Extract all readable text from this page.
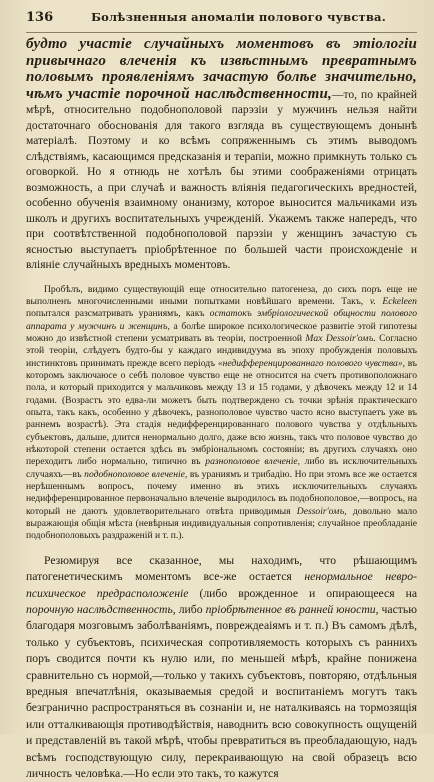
136	Болѣзненныя аномаліи полового чувства.

будто участіе случайныхъ моментовъ въ этіологіи привычнаго влеченія къ извѣстнымъ превратнымъ половымъ проявленіямъ зачастую болѣе значительно, чѣмъ участіе порочной наслѣдственности,—то, по крайней мѣрѣ, относительно подобнополовой парэзіи у мужчинъ нельзя найти достаточнаго обоснованія для такого взгляда въ существующемъ донынѣ матеріалѣ. Поэтому и ко всѣмъ сопряженнымъ съ этимъ выводомъ слѣдствіямъ, касающимся предсказанія и терапіи, можно примкнуть только съ оговоркой. Но я отнюдь не хотѣлъ бы этими соображеніями отрицать возможность, а при случаѣ и важность вліянія педагогическихъ вредностей, особенно обученія взаимному онанизму, которое выносится мальчиками изъ школъ и другихъ воспитательныхъ учрежденій. Укажемъ также напередъ, что при соотвѣтственной подобнополовой парэзіи у женщинъ зачастую съ ясностью выступаетъ пріобрѣтенное по большей части происхожденіе и вліяніе случайныхъ вредныхъ моментовъ.

Пробѣлъ, видимо существующій еще относительно патогенеза, до сихъ поръ еще не выполненъ многочисленными иными попытками новѣйшаго времени. Такъ, v. Eckeleen попытался разсматривать ураниямъ, какъ остатокъ эмбріологической общности полового аппарата у мужчинъ и женщинъ, а болѣе широкое психологическое развитіе этой гипотезы можно до извѣстной степени усматривать въ теоріи, построенной Max Dessoir'омъ. Согласно этой теоріи, слѣдуетъ будто-бы у каждаго индивидуума въ эпоху пробужденія половыхъ инстинктовъ принимать прежде всего періодъ «недифференцированнаго полового чувства», въ которомъ заключаюсе о себѣ половое чувство еще не относится на счетъ противоположнаго пола, и который приходится у мальчиковъ между 13 и 15 годами, у дѣвочекъ между 12 и 14 годами. (Возрастъ это едва-ли можетъ быть подтверждено съ точки зрѣнія практическаго опыта, такъ какъ, особенно у дѣвочекъ, разнополовое чувство часто ясно выступаетъ уже въ раннемъ возрастѣ). Эта стадія недифференцированнаго полового чувства у отдѣльныхъ субъектовъ, дальше, длится ненормально долго, даже всю жизнь, такъ что половое чувство до нѣкоторой степени остается здѣсь въ эмбріональномъ состояніи; въ другихъ случаяхъ оно переходитъ либо нормально, типично въ разнополовое влеченіе, либо въ исключительныхъ случаяхъ—въ подобнополовое влеченіе, въ ураниямъ и трибадію. Но при этомъ все же остается нерѣшеннымъ вопросъ, почему именно въ этихъ исключительныхъ случаяхъ недифференцированное первоначально влеченіе выродилось въ подобнополовое,—вопросъ, на который не даютъ удовлетворительнаго отвѣта приводимыя Dessoir'омъ, довольно мало выражающія общія мѣста (невѣрныя индивидуальныя сопротивленія; случайное преобладаніе подобнополовыхъ раздраженій и т. п.).

Резюмируя все сказанное, мы находимъ, что рѣшающимъ патогенетическимъ моментомъ все-же остается ненормальное невро-психическое предрасположеніе (либо врожденное и опирающееся на порочную наслѣдственность, либо пріобрѣтенное въ ранней юности, частью благодаря мозговымъ заболѣваніямъ, повреждеаіямъ и т. п.) Въ самомъ дѣлѣ, только у субъектовъ, психическая сопротивляемость которыхъ съ раннихъ поръ сводится почти къ нулю или, по меньшей мѣрѣ, крайне понижена сравнительно съ нормой,—только у такихъ субъектовъ, повторяю, отдѣльныя вредныя впечатлѣнія, оказываемыя средой и воспитаніемъ могутъ такъ безгранично распространяться въ сознаніи и, не наталкиваясь на тормозящія или отталкивающія противодѣйствія, наводнить всю совокупность ощущеній и представленій въ такой мѣрѣ, чтобы превратиться въ преобладающую, надъ всѣмъ господствующую силу, перекраивающую на свой образецъ всю личность человѣка.—Но если это такъ, то кажутся
